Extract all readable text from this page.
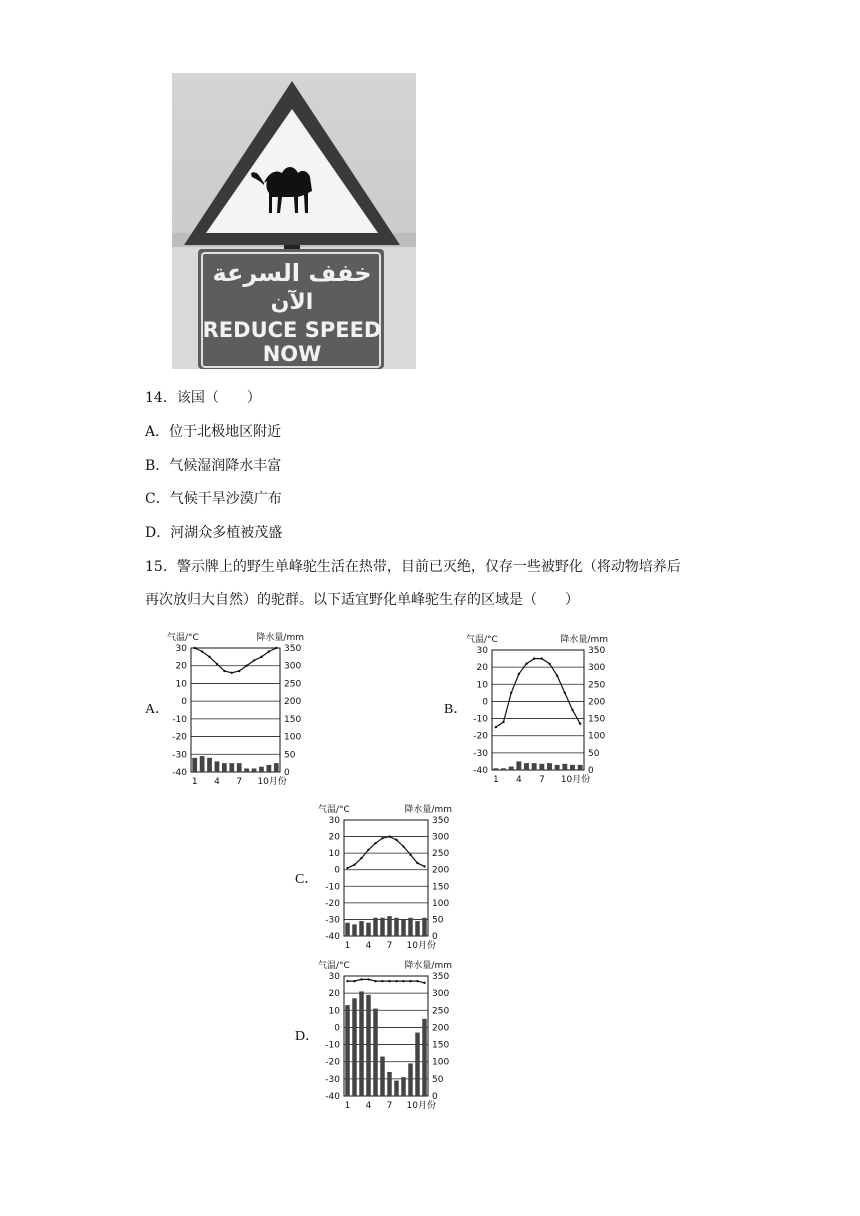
خفف السرعة
الآن
REDUCE SPEED
NOW
14．该国（　　）
A．位于北极地区附近
B．气候湿润降水丰富
C．气候干旱沙漠广布
D．河湖众多植被茂盛
15．警示牌上的野生单峰驼生活在热带，目前已灭绝，仅存一些被野化（将动物培养后
再次放归大自然）的驼群。以下适宜野化单峰驼生存的区域是（　　）
A．	B．
C．
D．
气温/°C	降水量/mm
30	350
20	300
10	250
0	200
-10	150
-20	100
-30	50
-40	0
1 4 7 10月份
气温/°C	降水量/mm
30	350
20	300
10	250
0	200
-10	150
-20	100
-30	50
-40	0
1 4 7 10月份
气温/°C	降水量/mm
30	350
20	300
10	250
0	200
-10	150
-20	100
-30	50
-40	0
1 4 7 10月份
气温/°C	降水量/mm
30	350
20	300
10	250
0	200
-10	150
-20	100
-30	50
-40	0
1 4 7 10月份
